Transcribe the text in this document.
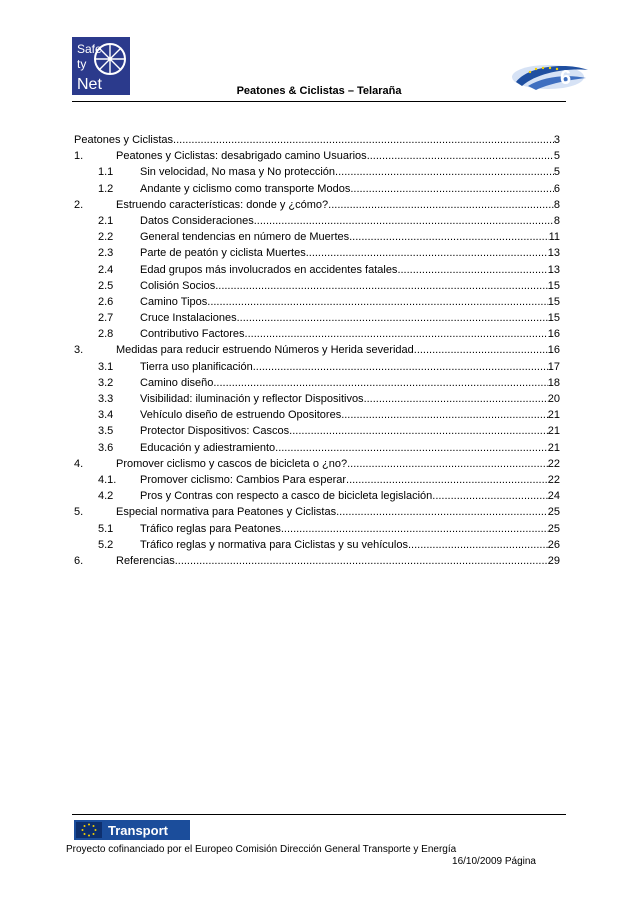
Safe
ty
Net	6
Peatones & Ciclistas – Telaraña
Peatones y Ciclistas .....	3
1.	Peatones y Ciclistas: desabrigado camino Usuarios .....	5
1.1	Sin velocidad, No masa y No protección .....	5
1.2	Andante y ciclismo como transporte Modos .....	6
2.	Estruendo características: donde y ¿cómo? .....	8
2.1	Datos Consideraciones .....	8
2.2	General tendencias en número de Muertes .....	11
2.3	Parte de peatón y ciclista Muertes .....	13
2.4	Edad grupos más involucrados en accidentes fatales .....	13
2.5	Colisión Socios .....	15
2.6	Camino Tipos .....	15
2.7	Cruce Instalaciones .....	15
2.8	Contributivo Factores .....	16
3.	Medidas para reducir estruendo Números y Herida severidad .....	16
3.1	Tierra uso planificación .....	17
3.2	Camino diseño .....	18
3.3	Visibilidad: iluminación y reflector Dispositivos .....	20
3.4	Vehículo diseño de estruendo Opositores. .....	21
3.5	Protector Dispositivos: Cascos .....	21
3.6	Educación y adiestramiento .....	21
4.	Promover ciclismo y cascos de bicicleta o ¿no? .....	22
4.1.	Promover ciclismo: Cambios Para esperar .....	22
4.2	Pros y Contras con respecto a casco de bicicleta legislación .....	24
5.	Especial normativa para Peatones y Ciclistas .....	25
5.1	Tráfico reglas para Peatones .....	25
5.2	Tráfico reglas y normativa para Ciclistas y su vehículos .....	26
6.	Referencias .....	29
Transport
Proyecto cofinanciado por el Europeo Comisión Dirección General Transporte y Energía
16/10/2009 Página
